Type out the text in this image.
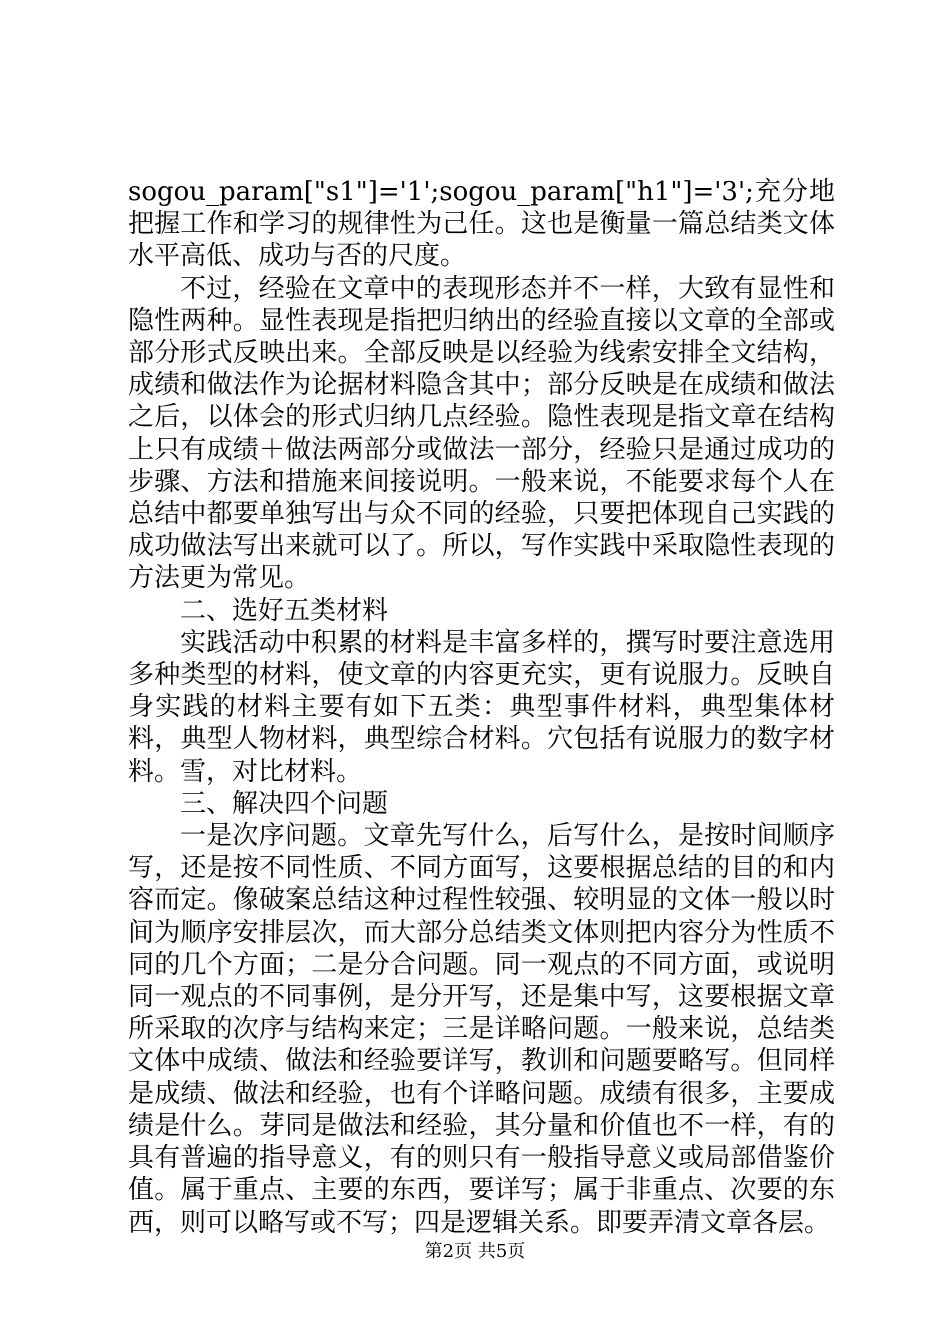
sogou_param["s1"]='1';sogou_param["h1"]='3';充分地把握工作和学习的规律性为己任。这也是衡量一篇总结类文体水平高低、成功与否的尺度。

不过，经验在文章中的表现形态并不一样，大致有显性和隐性两种。显性表现是指把归纳出的经验直接以文章的全部或部分形式反映出来。全部反映是以经验为线索安排全文结构，成绩和做法作为论据材料隐含其中；部分反映是在成绩和做法之后，以体会的形式归纳几点经验。隐性表现是指文章在结构上只有成绩＋做法两部分或做法一部分，经验只是通过成功的步骤、方法和措施来间接说明。一般来说，不能要求每个人在总结中都要单独写出与众不同的经验，只要把体现自己实践的成功做法写出来就可以了。所以，写作实践中采取隐性表现的方法更为常见。

二、选好五类材料

实践活动中积累的材料是丰富多样的，撰写时要注意选用多种类型的材料，使文章的内容更充实，更有说服力。反映自身实践的材料主要有如下五类：典型事件材料，典型集体材料，典型人物材料，典型综合材料。穴包括有说服力的数字材料。雪，对比材料。

三、解决四个问题

一是次序问题。文章先写什么，后写什么，是按时间顺序写，还是按不同性质、不同方面写，这要根据总结的目的和内容而定。像破案总结这种过程性较强、较明显的文体一般以时间为顺序安排层次，而大部分总结类文体则把内容分为性质不同的几个方面；二是分合问题。同一观点的不同方面，或说明同一观点的不同事例，是分开写，还是集中写，这要根据文章所采取的次序与结构来定；三是详略问题。一般来说，总结类文体中成绩、做法和经验要详写，教训和问题要略写。但同样是成绩、做法和经验，也有个详略问题。成绩有很多，主要成绩是什么。芽同是做法和经验，其分量和价值也不一样，有的具有普遍的指导意义，有的则只有一般指导意义或局部借鉴价值。属于重点、主要的东西，要详写；属于非重点、次要的东西，则可以略写或不写；四是逻辑关系。即要弄清文章各层。

第2页 共5页
